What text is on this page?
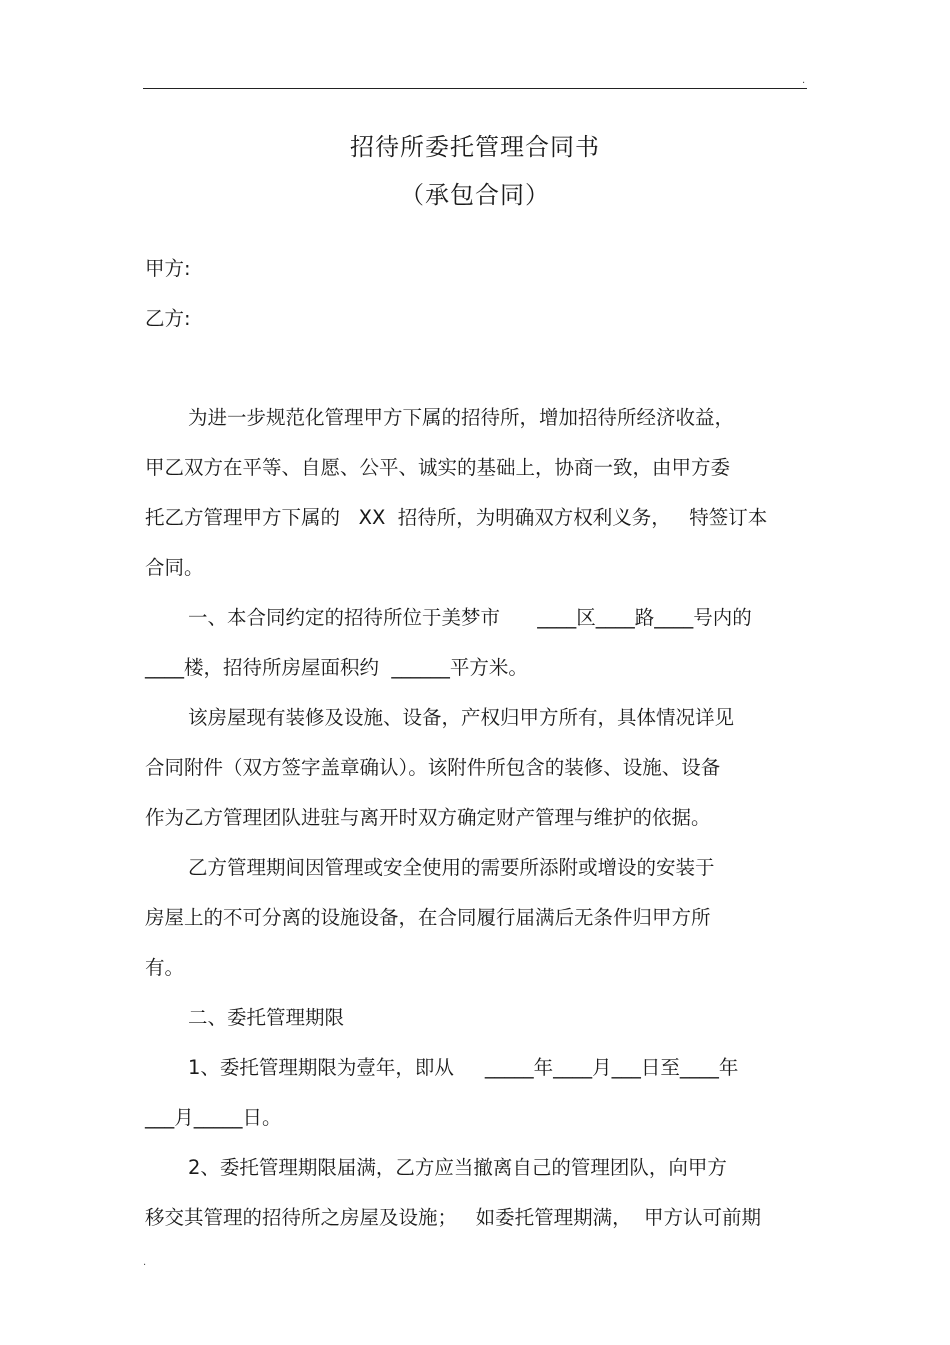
.
招待所委托管理合同书
（承包合同）
甲方:
乙方:
为进一步规范化管理甲方下属的招待所，增加招待所经济收益，
甲乙双方在平等、自愿、公平、诚实的基础上，协商一致，由甲方委
托乙方管理甲方下属的   XX  招待所，为明确双方权利义务，   特签订本
合同。
一、本合同约定的招待所位于美梦市      ____区____路____号内的
____楼，招待所房屋面积约  ______平方米。
该房屋现有装修及设施、设备，产权归甲方所有，具体情况详见
合同附件（双方签字盖章确认）。该附件所包含的装修、设施、设备
作为乙方管理团队进驻与离开时双方确定财产管理与维护的依据。
乙方管理期间因管理或安全使用的需要所添附或增设的安装于
房屋上的不可分离的设施设备，在合同履行届满后无条件归甲方所
有。
二、委托管理期限
1、委托管理期限为壹年，即从     _____年____月___日至____年
___月_____日。
2、委托管理期限届满，乙方应当撤离自己的管理团队，向甲方
移交其管理的招待所之房屋及设施；   如委托管理期满，  甲方认可前期
.
